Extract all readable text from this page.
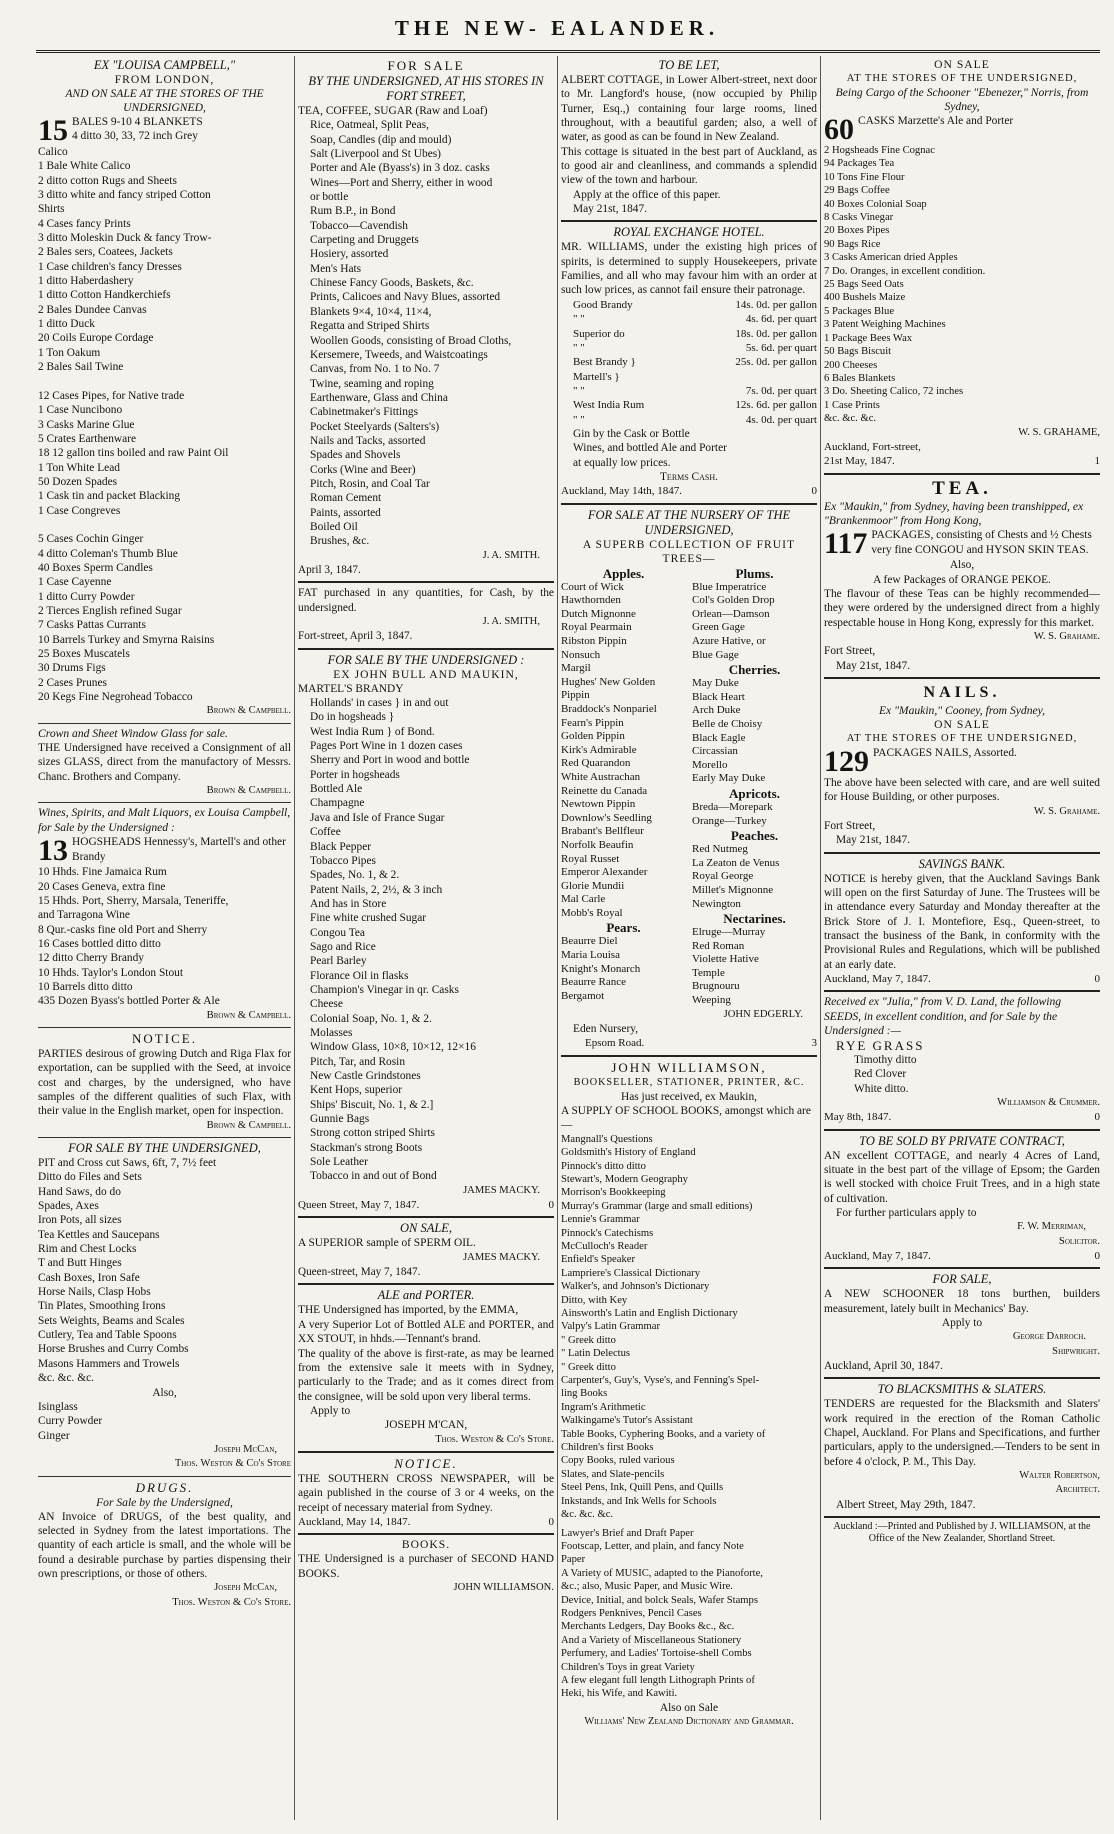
THE NEW- EALANDER.
EX "LOUISA CAMPBELL,"
FROM LONDON,
AND ON SALE AT THE STORES OF THE UNDERSIGNED,
15 BALES 9-10 4 BLANKETS
4 ditto 30, 33, 72 inch Grey
Calico
1 Bale White Calico
2 ditto cotton Rugs and Sheets
3 ditto white and fancy striped Cotton
Shirts
4 Cases fancy Prints
3 ditto Moleskin Duck & fancy Trow-
2 Bales sers, Coatees, Jackets
1 Case children's fancy Dresses
1 ditto Haberdashery
1 ditto Cotton Handkerchiefs
2 Bales Dundee Canvas
1 ditto Duck
20 Coils Europe Cordage
1 Ton Oakum
2 Bales Sail Twine

12 Cases Pipes, for Native trade
1 Case Nuncibono
3 Casks Marine Glue
5 Crates Earthenware
18 12 gallon tins boiled and raw Paint Oil
1 Ton White Lead
50 Dozen Spades
1 Cask tin and packet Blacking
1 Case Congreves

5 Cases Cochin Ginger
4 ditto Coleman's Thumb Blue
40 Boxes Sperm Candles
1 Case Cayenne
1 ditto Curry Powder
2 Tierces English refined Sugar
7 Casks Pattas Currants
10 Barrels Turkey and Smyrna Raisins
25 Boxes Muscatels
30 Drums Figs
2 Cases Prunes
20 Kegs Fine Negrohead Tobacco
Brown & Campbell.
Crown and Sheet Window Glass for sale.
THE Undersigned have received a Consignment of all sizes GLASS, direct from the manufactory of Messrs. Chanc. Brothers and Company.
Brown & Campbell.
Wines, Spirits, and Malt Liquors, ex Louisa Campbell, for Sale by the Undersigned :
13 HOGSHEADS Hennessy's, Martell's and other Brandy
10 Hhds. Fine Jamaica Rum
20 Cases Geneva, extra fine
15 Hhds. Port, Sherry, Marsala, Teneriffe,
and Tarragona Wine
8 Qur.-casks fine old Port and Sherry
16 Cases bottled ditto ditto
12 ditto Cherry Brandy
10 Hhds. Taylor's London Stout
10 Barrels ditto ditto
435 Dozen Byass's bottled Porter & Ale
Brown & Campbell.
NOTICE.
PARTIES desirous of growing Dutch and Riga Flax for exportation, can be supplied with the Seed, at invoice cost and charges, by the undersigned, who have samples of the different qualities of such Flax, with their value in the English market, open for inspection.
Brown & Campbell.
FOR SALE BY THE UNDERSIGNED,
PIT and Cross cut Saws, 6ft, 7, 7½ feet
Ditto do Files and Sets
Hand Saws, do do
Spades, Axes
Iron Pots, all sizes
Tea Kettles and Saucepans
Rim and Chest Locks
T and Butt Hinges
Cash Boxes, Iron Safe
Horse Nails, Clasp Hobs
Tin Plates, Smoothing Irons
Sets Weights, Beams and Scales
Cutlery, Tea and Table Spoons
Horse Brushes and Curry Combs
Masons Hammers and Trowels
&c. &c. &c.
Also,
Isinglass
Curry Powder
Ginger
Joseph McCan,
Thos. Weston & Co's Store
DRUGS.
For Sale by the Undersigned,
AN Invoice of DRUGS, of the best quality, and selected in Sydney from the latest importations. The quantity of each article is small, and the whole will be found a desirable purchase by parties dispensing their own prescriptions, or those of others.
Joseph McCan,
Thos. Weston & Co's Store.
FOR SALE
BY THE UNDERSIGNED, AT HIS STORES IN FORT STREET,
TEA, COFFEE, SUGAR (Raw and Loaf)
Rice, Oatmeal, Split Peas,
Soap, Candles (dip and mould)
Salt (Liverpool and St Ubes)
Porter and Ale (Byass's) in 3 doz. casks
Wines—Port and Sherry, either in wood
or bottle
Rum B.P., in Bond
Tobacco—Cavendish
Carpeting and Druggets
Hosiery, assorted
Men's Hats
Chinese Fancy Goods, Baskets, &c.
Prints, Calicoes and Navy Blues, assorted
Blankets 9×4, 10×4, 11×4,
Regatta and Striped Shirts
Woollen Goods, consisting of Broad Cloths,
Kersemere, Tweeds, and Waistcoatings
Canvas, from No. 1 to No. 7
Twine, seaming and roping
Earthenware, Glass and China
Cabinetmaker's Fittings
Pocket Steelyards (Salters's)
Nails and Tacks, assorted
Spades and Shovels
Corks (Wine and Beer)
Pitch, Rosin, and Coal Tar
Roman Cement
Paints, assorted
Boiled Oil
Brushes, &c.
J. A. SMITH.
April 3, 1847.
FAT purchased in any quantities, for Cash, by the undersigned.
J. A. SMITH,
Fort-street, April 3, 1847.
FOR SALE BY THE UNDERSIGNED :
EX JOHN BULL AND MAUKIN,
MARTEL'S BRANDY
Hollands' in cases } in and out
Do in hogsheads }
West India Rum } of Bond.
Pages Port Wine in 1 dozen cases
Sherry and Port in wood and bottle
Porter in hogsheads
Bottled Ale
Champagne
Java and Isle of France Sugar
Coffee
Black Pepper
Tobacco Pipes
Spades, No. 1, & 2.
Patent Nails, 2, 2½, & 3 inch
And has in Store
Fine white crushed Sugar
Congou Tea
Sago and Rice
Pearl Barley
Florance Oil in flasks
Champion's Vinegar in qr. Casks
Cheese
Colonial Soap, No. 1, & 2.
Molasses
Window Glass, 10×8, 10×12, 12×16
Pitch, Tar, and Rosin
New Castle Grindstones
Kent Hops, superior
Ships' Biscuit, No. 1, & 2.]
Gunnie Bags
Strong cotton striped Shirts
Stackman's strong Boots
Sole Leather
Tobacco in and out of Bond
JAMES MACKY.
Queen Street, May 7, 1847.	0
ON SALE,
A SUPERIOR sample of SPERM OIL.
JAMES MACKY.
Queen-street, May 7, 1847.
ALE and PORTER.
THE Undersigned has imported, by the EMMA,
A very Superior Lot of Bottled ALE and PORTER, and XX STOUT, in hhds.—Tennant's brand.
The quality of the above is first-rate, as may be learned from the extensive sale it meets with in Sydney, particularly to the Trade; and as it comes direct from the consignee, will be sold upon very liberal terms.
Apply to
JOSEPH M'CAN,
Thos. Weston & Co's Store.
NOTICE.
THE SOUTHERN CROSS NEWSPAPER, will be again published in the course of 3 or 4 weeks, on the receipt of necessary material from Sydney.
Auckland, May 14, 1847.	0
BOOKS.
THE Undersigned is a purchaser of SECOND HAND BOOKS.
JOHN WILLIAMSON.
TO BE LET,
ALBERT COTTAGE, in Lower Albert-street, next door to Mr. Langford's house, (now occupied by Philip Turner, Esq.,) containing four large rooms, lined throughout, with a beautiful garden; also, a well of water, as good as can be found in New Zealand.
This cottage is situated in the best part of Auckland, as to good air and cleanliness, and commands a splendid view of the town and harbour.
Apply at the office of this paper.
May 21st, 1847.
ROYAL EXCHANGE HOTEL.
MR. WILLIAMS, under the existing high prices of spirits, is determined to supply Housekeepers, private Families, and all who may favour him with an order at such low prices, as cannot fail ensure their patronage.
Good Brandy	14s. 0d. per gallon
" "	4s. 6d. per quart
Superior do	18s. 0d. per gallon
" "	5s. 6d. per quart
Best Brandy }	25s. 0d. per gallon
Martell's }
" "	7s. 0d. per quart
West India Rum	12s. 6d. per gallon
" "	4s. 0d. per quart
Gin by the Cask or Bottle
Wines, and bottled Ale and Porter
at equally low prices.
Terms Cash.
Auckland, May 14th, 1847.	0
FOR SALE AT THE NURSERY OF THE UNDERSIGNED,
A SUPERB COLLECTION OF FRUIT TREES—
Apples.
Court of Wick
Hawthornden
Dutch Mignonne
Royal Pearmain
Ribston Pippin
Nonsuch
Margil
Hughes' New Golden
Pippin
Braddock's Nonpariel
Fearn's Pippin
Golden Pippin
Kirk's Admirable
Red Quarandon
White Austrachan
Reinette du Canada
Newtown Pippin
Downlow's Seedling
Brabant's Bellfleur
Norfolk Beaufin
Royal Russet
Emperor Alexander
Glorie Mundii
Mal Carle
Mobb's Royal
Pears.
Beaurre Diel
Maria Louisa
Knight's Monarch
Beaurre Rance
Bergamot
Plums.
Blue Imperatrice
Col's Golden Drop
Orlean—Damson
Green Gage
Azure Hative, or
Blue Gage
Cherries.
May Duke
Black Heart
Arch Duke
Belle de Choisy
Black Eagle
Circassian
Morello
Early May Duke
Apricots.
Breda—Morepark
Orange—Turkey
Peaches.
Red Nutmeg
La Zeaton de Venus
Royal George
Millet's Mignonne
Newington
Nectarines.
Elruge—Murray
Red Roman
Violette Hative
Temple
Brugnouru
Weeping
JOHN EDGERLY.
Eden Nursery,
Epsom Road.	3
JOHN WILLIAMSON,
BOOKSELLER, STATIONER, PRINTER, &C.
Has just received, ex Maukin,
A SUPPLY OF SCHOOL BOOKS, amongst which are—
Mangnall's Questions
Goldsmith's History of England
Pinnock's ditto ditto
Stewart's, Modern Geography
Morrison's Bookkeeping
Murray's Grammar (large and small editions)
Lennie's Grammar
Pinnock's Catechisms
McCulloch's Reader
Enfield's Speaker
Lampriere's Classical Dictionary
Walker's, and Johnson's Dictionary
Ditto, with Key
Ainsworth's Latin and English Dictionary
Valpy's Latin Grammar
" Greek ditto
" Latin Delectus
" Greek ditto
Carpenter's, Guy's, Vyse's, and Fenning's Spel-
ling Books
Ingram's Arithmetic
Walkingame's Tutor's Assistant
Table Books, Cyphering Books, and a variety of
Children's first Books
Copy Books, ruled various
Slates, and Slate-pencils
Steel Pens, Ink, Quill Pens, and Quills
Inkstands, and Ink Wells for Schools
&c. &c. &c.
Lawyer's Brief and Draft Paper
Footscap, Letter, and plain, and fancy Note
Paper
A Variety of MUSIC, adapted to the Pianoforte,
&c.; also, Music Paper, and Music Wire.
Device, Initial, and bolck Seals, Wafer Stamps
Rodgers Penknives, Pencil Cases
Merchants Ledgers, Day Books &c., &c.
And a Variety of Miscellaneous Stationery
Perfumery, and Ladies' Tortoise-shell Combs
Children's Toys in great Variety
A few elegant full length Lithograph Prints of
Heki, his Wife, and Kawiti.
Also on Sale
Williams' New Zealand Dictionary and Grammar.
ON SALE
AT THE STORES OF THE UNDERSIGNED,
Being Cargo of the Schooner "Ebenezer," Norris, from Sydney,
60 CASKS Marzette's Ale and Porter
2 Hogsheads Fine Cognac
94 Packages Tea
10 Tons Fine Flour
29 Bags Coffee
40 Boxes Colonial Soap
8 Casks Vinegar
20 Boxes Pipes
90 Bags Rice
3 Casks American dried Apples
7 Do. Oranges, in excellent condition.
25 Bags Seed Oats
400 Bushels Maize
5 Packages Blue
3 Patent Weighing Machines
1 Package Bees Wax
50 Bags Biscuit
200 Cheeses
6 Bales Blankets
3 Do. Sheeting Calico, 72 inches
1 Case Prints
&c. &c. &c.
W. S. GRAHAME,
Auckland, Fort-street,
21st May, 1847.	1
TEA.
Ex "Maukin," from Sydney, having been transhipped, ex "Brankenmoor" from Hong Kong,
117 PACKAGES, consisting of Chests and ½ Chests very fine CONGOU and HYSON SKIN TEAS.
Also,
A few Packages of ORANGE PEKOE.
The flavour of these Teas can be highly recommended—they were ordered by the undersigned direct from a highly respectable house in Hong Kong, expressly for this market.
W. S. Grahame.
Fort Street,
May 21st, 1847.
NAILS.
Ex "Maukin," Cooney, from Sydney,
ON SALE
AT THE STORES OF THE UNDERSIGNED,
129 PACKAGES NAILS, Assorted.
The above have been selected with care, and are well suited for House Building, or other purposes.
W. S. Grahame.
Fort Street,
May 21st, 1847.
SAVINGS BANK.
NOTICE is hereby given, that the Auckland Savings Bank will open on the first Saturday of June. The Trustees will be in attendance every Saturday and Monday thereafter at the Brick Store of J. I. Montefiore, Esq., Queen-street, to transact the business of the Bank, in conformity with the Provisional Rules and Regulations, which will be published at an early date.
Auckland, May 7, 1847.	0
Received ex "Julia," from V. D. Land, the following SEEDS, in excellent condition, and for Sale by the Undersigned :—
RYE GRASS
Timothy ditto
Red Clover
White ditto.
Williamson & Crummer.
May 8th, 1847.	0
TO BE SOLD BY PRIVATE CONTRACT,
AN excellent COTTAGE, and nearly 4 Acres of Land, situate in the best part of the village of Epsom; the Garden is well stocked with choice Fruit Trees, and in a high state of cultivation.
For further particulars apply to
F. W. Merriman,
Solicitor.
Auckland, May 7, 1847.	0
FOR SALE,
A NEW SCHOONER 18 tons burthen, builders measurement, lately built in Mechanics' Bay.
Apply to
George Darroch.
Shipwright.
Auckland, April 30, 1847.
TO BLACKSMITHS & SLATERS.
TENDERS are requested for the Blacksmith and Slaters' work required in the erection of the Roman Catholic Chapel, Auckland. For Plans and Specifications, and further particulars, apply to the undersigned.—Tenders to be sent in before 4 o'clock, P. M., This Day.
Walter Robertson,
Architect.
Albert Street, May 29th, 1847.
Auckland :—Printed and Published by J. WILLIAMSON, at the Office of the New Zealander, Shortland Street.
